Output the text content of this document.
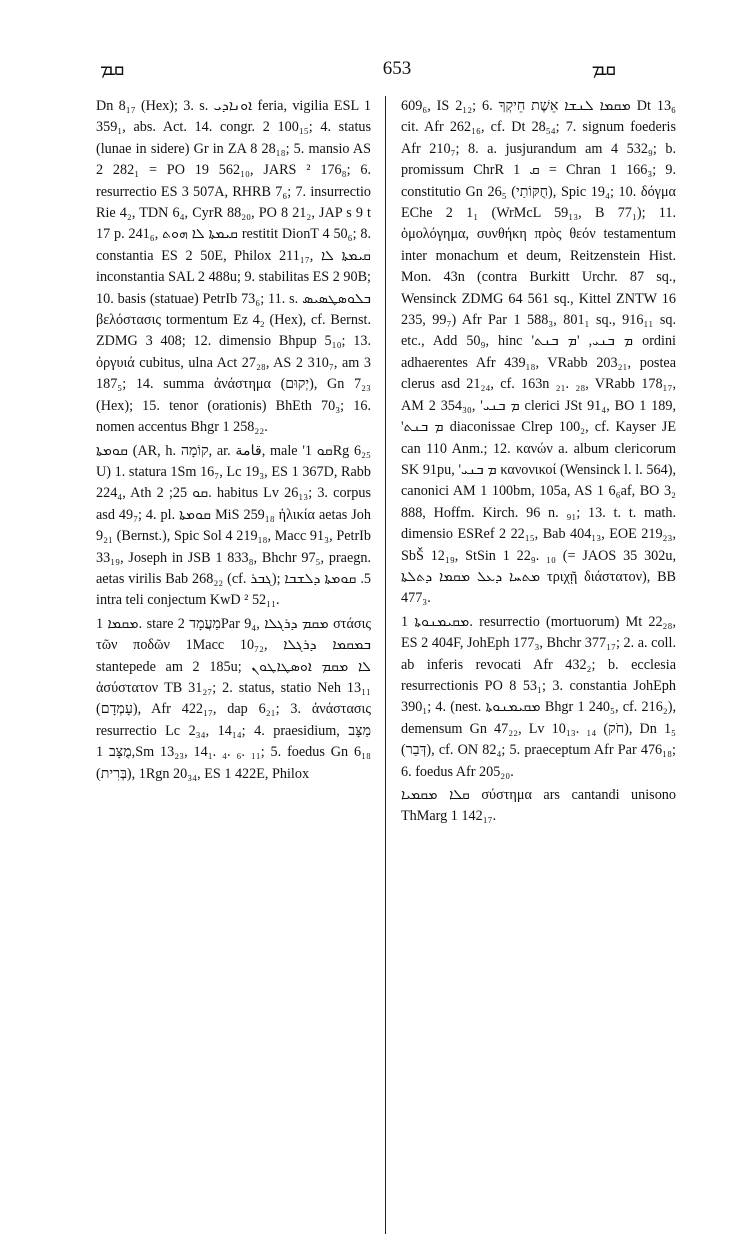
ܩܡ	653	ܩܡ

Dn 8₁₇ (Hex); 3. s. ܐܘܢܐܕܝ feria, vigilia ESL 1 359₁, abs. Act. 14. congr. 2 100₁₅; 4. status (lunae in sidere) Gr in ZA 8 28₁₈; 5. mansio AS 2 282₁ = PO 19 562₁₀, JARS ² 176₈; 6. resurrectio ES 3 507A, RHRB 7₆; 7. insurrectio Rie 4₂, TDN 6₄, CyrR 88₂₀, PO 8 21₂, JAP s 9 t 17 p. 241₆, ܩܝܡܬܐ ܠܐ ܗܘܬ restitit DionT 4 50₆; 8. constantia ES 2 50E, Philox 211₁₇, ܩܝܡܬܐ ܠܐ inconstantia SAL 2 488u; 9. stabilitas ES 2 90B; 10. basis (statuae) PetrIb 73₆; 11. s. ܒܠܘܣܛܣܝܣ βελόστασις tormentum Ez 4₂ (Hex), cf. Bernst. ZDMG 3 408; 12. dimensio Bhpup 5₁₀; 13. ὀργυιά cubitus, ulna Act 27₂₈, AS 2 310₇, am 3 187₅; 14. summa ἀνάστημα (יְקוּם), Gn 7₂₃ (Hex); 15. tenor (orationis) BhEth 70₃; 16. nomen accentus Bhgr 1 258₂₂.

ܩܘܡܬܐ (AR, h. קוֹמָה, ar. قامة, male 'ܩܘ 1Rg 6₂₅ U) 1. statura 1Sm 16₇, Lc 19₃, ES 1 367D, Rabb 224₄, Ath ܩܘ 25; 2. habitus Lv 26₁₃; 3. corpus asd 49₇; 4. pl. ܩܘܡܬܐ MiS 259₁₈ ἡλικία aetas Joh 9₂₁ (Bernst.), Spic Sol 4 219₁₈, Macc 91₃, PetrIb 33₁₉, Joseph in JSB 1 833₈, Bhchr 97₅, praegn. aetas virilis Bab 268₂₂ (cf. ܓܒܪ); 5. ܩܘܡܬܐ ܕܠܫܒܐ intra teli conjectum KwD ² 52₁₁.

ܡܩܡܐ 1. stare מַעֲמָד 2Par 9₄, ܡܩܡ ܕܪܓܠܐ στάσις τῶν ποδῶν 1Macc 10₇₂, ܒܡܩܡܐ ܕܪܓܠܐ stantepede am 2 185u; ܠܐ ܡܩܡ ܐܘܣܛܐܛܘܢ ἀσύστατον TB 31₂₇; 2. status, statio Neh 13₁₁ (עָמְדָם), Afr 422₁₇, dap 6₂₁; 3. ἀνάστασις resurrectio Lc 2₃₄, 14₁₄; 4. praesidium, מַצָּב ,מֻצָּב 1Sm 13₂₃, 14₁. ₄. ₆. ₁₁; 5. foedus Gn 6₁₈ (בְּרִית), 1Rgn 20₃₄, ES 1 422E, Philox

609₆, IS 2₁₂; 6. ܡܩܡܐ ܠܢܫܐ אֵשֶׁת חֵיקְךָ Dt 13₆ cit. Afr 262₁₆, cf. Dt 28₅₄; 7. signum foederis Afr 210₇; 8. a. jusjurandum am 4 532₉; b. promissum ChrR ܩ 1 = Chran 1 166₃; 9. constitutio Gn 26₅ (חֻקּוֹתַי), Spic 19₄; 10. δόγμα EChe 2 1₁ (WrMcL 59₁₃, B 77₁); 11. ὁμολόγημα, συνθήκη πρὸς θεόν testamentum inter monachum et deum, Reitzenstein Hist. Mon. 43n (contra Burkitt Urchr. 87 sq., Wensinck ZDMG 64 561 sq., Kittel ZNTW 16 235, 99₇) Afr Par 1 588₃, 801₁ sq., 916₁₁ sq. etc., Add 50₉, hinc 'ܡ ܒܢܝ, 'ܡ ܒܢܬ ordini adhaerentes Afr 439₁₈, VRabb 203₂₁, postea clerus asd 21₂₄, cf. 163n ₂₁. ₂₈, VRabb 178₁₇, AM 2 354₃₀, 'ܡ ܒܢܝ clerici JSt 91₄, BO 1 189, 'ܡ ܒܢܬ diaconissae Clrep 100₂, cf. Kayser JE can 110 Anm.; 12. κανών a. album clericorum SK 91pu, 'ܡ ܒܢܝ κανονικοί (Wensinck l. l. 564), canonici AM 1 100bm, 105a, AS 1 6₆af, BO 3₂ 888, Hoffm. Kirch. 96 n. ₉₁; 13. t. t. math. dimensio ESRef 2 22₁₅, Bab 404₁₃, EOE 219₂₃, SbŠ 12₁₉, StSin 1 22₉. ₁₀ (= JAOS 35 302u, ܡܬܚܐ ܕܥܠ ܡܩܡܐ ܕܬܠܬܐ τριχῇ διάστατον), BB 477₃.

ܡܩܝܡܢܘܬܐ 1. resurrectio (mortuorum) Mt 22₂₈, ES 2 404F, JohEph 177₃, Bhchr 377₁₇; 2. a. coll. ab inferis revocati Afr 432₂; b. ecclesia resurrectionis PO 8 53₁; 3. constantia JohEph 390₁; 4. (nest. ܡܩܝܡܢܘܬܐ Bhgr 1 240₅, cf. 216₂), demensum Gn 47₂₂, Lv 10₁₃. ₁₄ (חֹק), Dn 1₅ (דְּבַר), cf. ON 82₄; 5. praeceptum Afr Par 476₁₈; 6. foedus Afr 205₂₀.

ܩܠܐ ܡܩܡܝܐ σύστημα ars cantandi unisono ThMarg 1 142₁₇.
